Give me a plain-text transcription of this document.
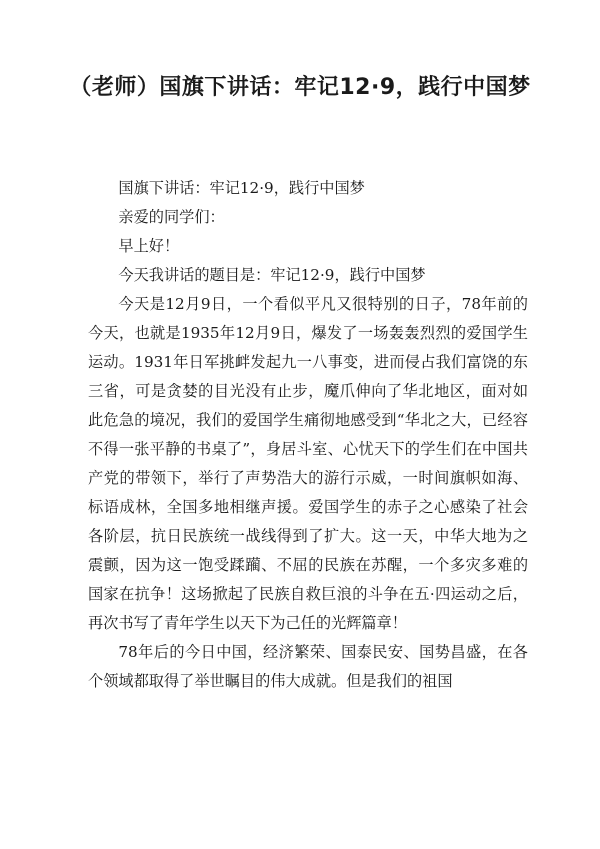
（老师）国旗下讲话：牢记12·9，践行中国梦

国旗下讲话：牢记12·9，践行中国梦

亲爱的同学们：

早上好！

今天我讲话的题目是：牢记12·9，践行中国梦

今天是12月9日，一个看似平凡又很特别的日子，78年前的今天，也就是1935年12月9日，爆发了一场轰轰烈烈的爱国学生运动。1931年日军挑衅发起九一八事变，进而侵占我们富饶的东三省，可是贪婪的目光没有止步，魔爪伸向了华北地区，面对如此危急的境况，我们的爱国学生痛彻地感受到“华北之大，已经容不得一张平静的书桌了”，身居斗室、心忧天下的学生们在中国共产党的带领下，举行了声势浩大的游行示威，一时间旗帜如海、标语成林，全国多地相继声援。爱国学生的赤子之心感染了社会各阶层，抗日民族统一战线得到了扩大。这一天，中华大地为之震颤，因为这一饱受蹂躏、不屈的民族在苏醒，一个多灾多难的国家在抗争！这场掀起了民族自救巨浪的斗争在五·四运动之后，再次书写了青年学生以天下为己任的光辉篇章！

78年后的今日中国，经济繁荣、国泰民安、国势昌盛，在各个领域都取得了举世瞩目的伟大成就。但是我们的祖国
